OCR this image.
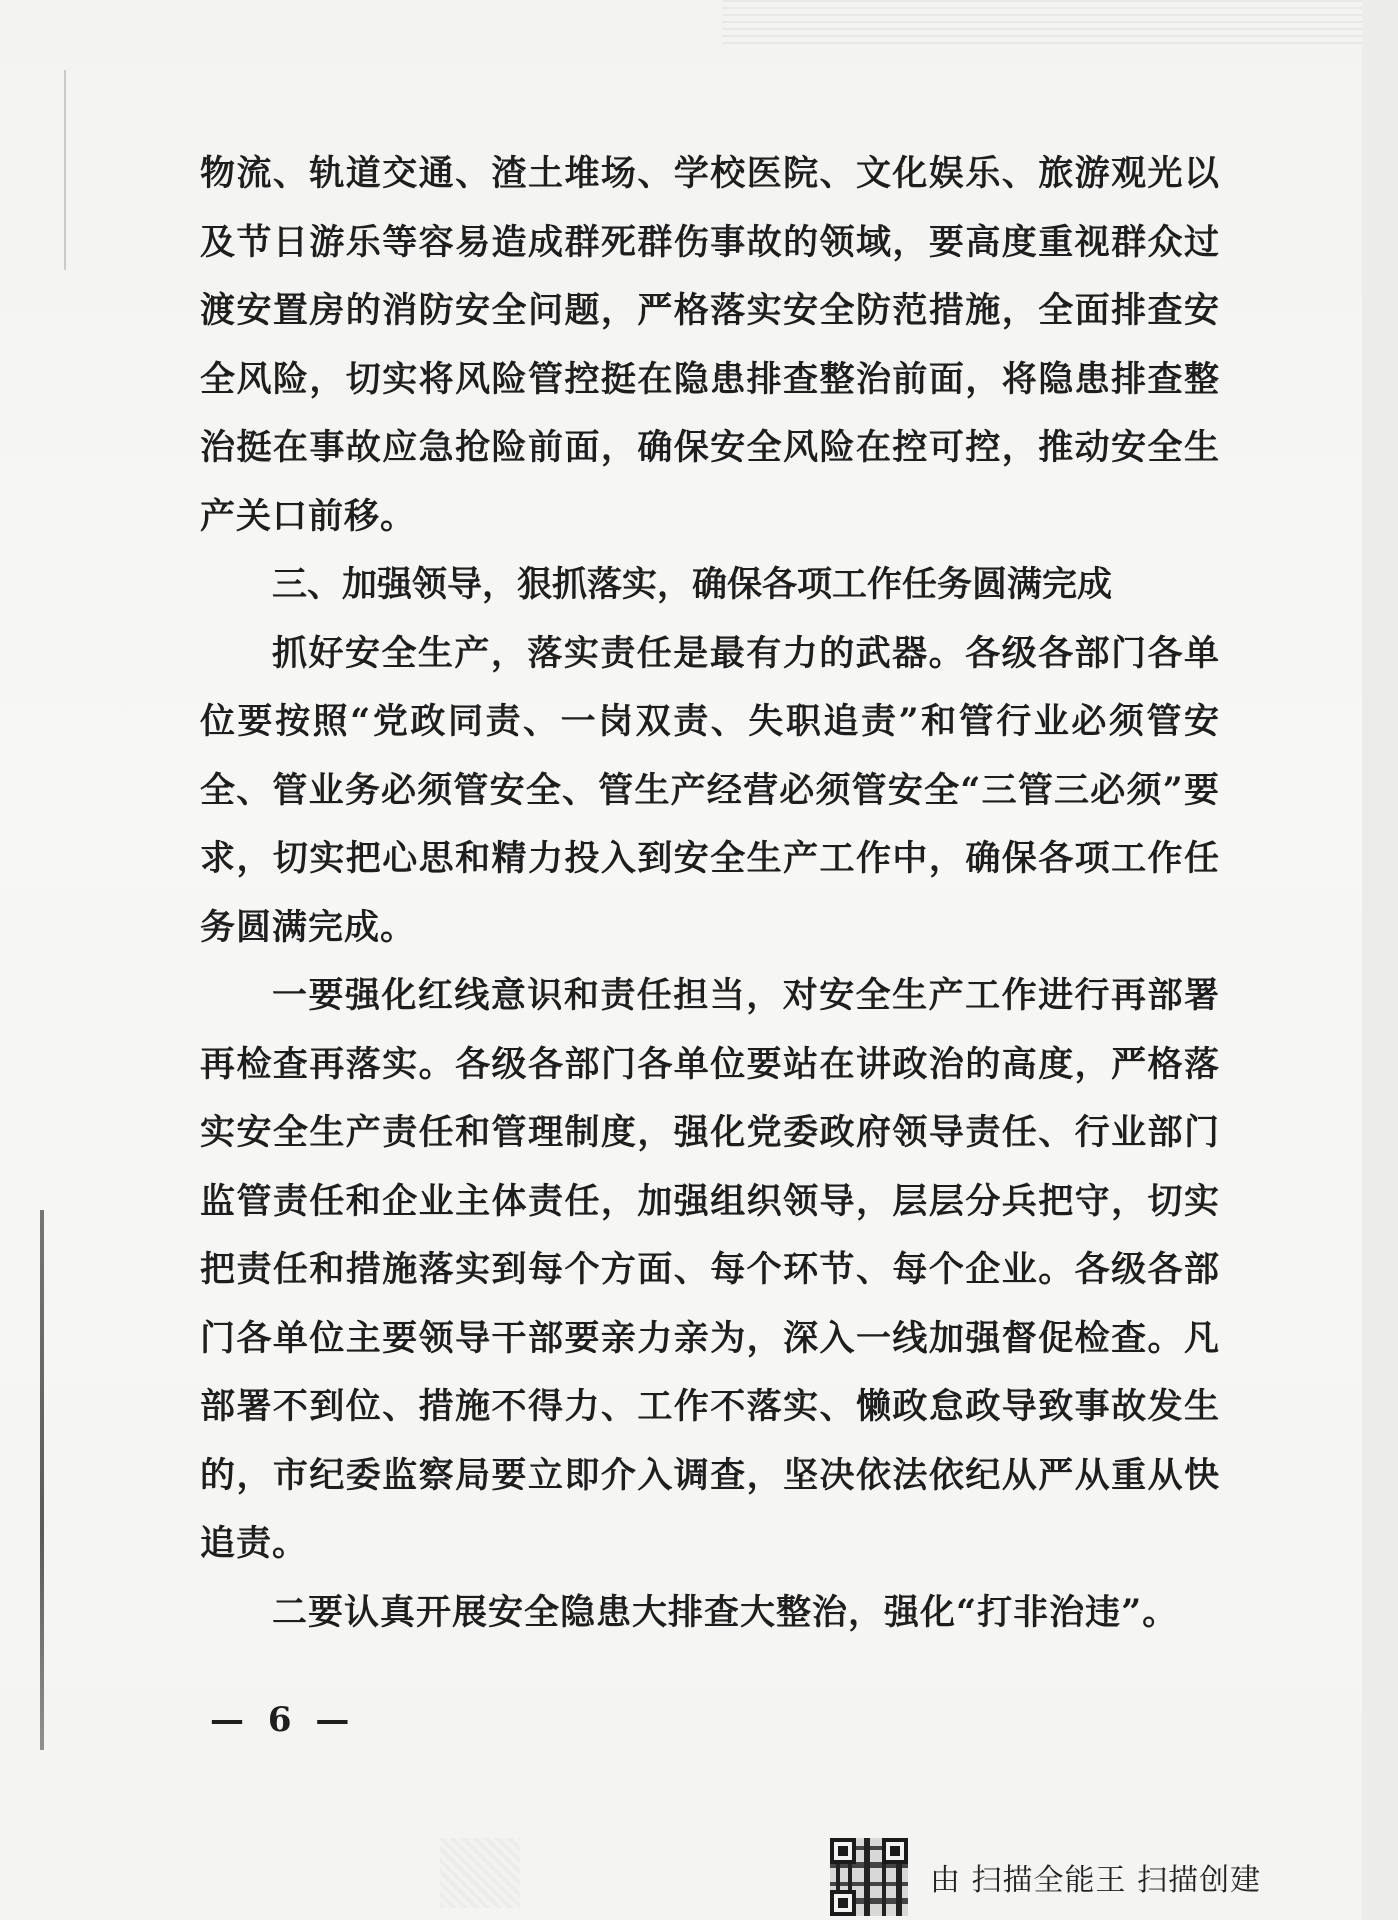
物流、轨道交通、渣土堆场、学校医院、文化娱乐、旅游观光以及节日游乐等容易造成群死群伤事故的领域，要高度重视群众过渡安置房的消防安全问题，严格落实安全防范措施，全面排查安全风险，切实将风险管控挺在隐患排查整治前面，将隐患排查整治挺在事故应急抢险前面，确保安全风险在控可控，推动安全生产关口前移。

三、加强领导，狠抓落实，确保各项工作任务圆满完成

抓好安全生产，落实责任是最有力的武器。各级各部门各单位要按照“党政同责、一岗双责、失职追责”和管行业必须管安全、管业务必须管安全、管生产经营必须管安全“三管三必须”要求，切实把心思和精力投入到安全生产工作中，确保各项工作任务圆满完成。

一要强化红线意识和责任担当，对安全生产工作进行再部署再检查再落实。各级各部门各单位要站在讲政治的高度，严格落实安全生产责任和管理制度，强化党委政府领导责任、行业部门监管责任和企业主体责任，加强组织领导，层层分兵把守，切实把责任和措施落实到每个方面、每个环节、每个企业。各级各部门各单位主要领导干部要亲力亲为，深入一线加强督促检查。凡部署不到位、措施不得力、工作不落实、懒政怠政导致事故发生的，市纪委监察局要立即介入调查，坚决依法依纪从严从重从快追责。

二要认真开展安全隐患大排查大整治，强化“打非治违”。

— 6 —
由 扫描全能王 扫描创建
